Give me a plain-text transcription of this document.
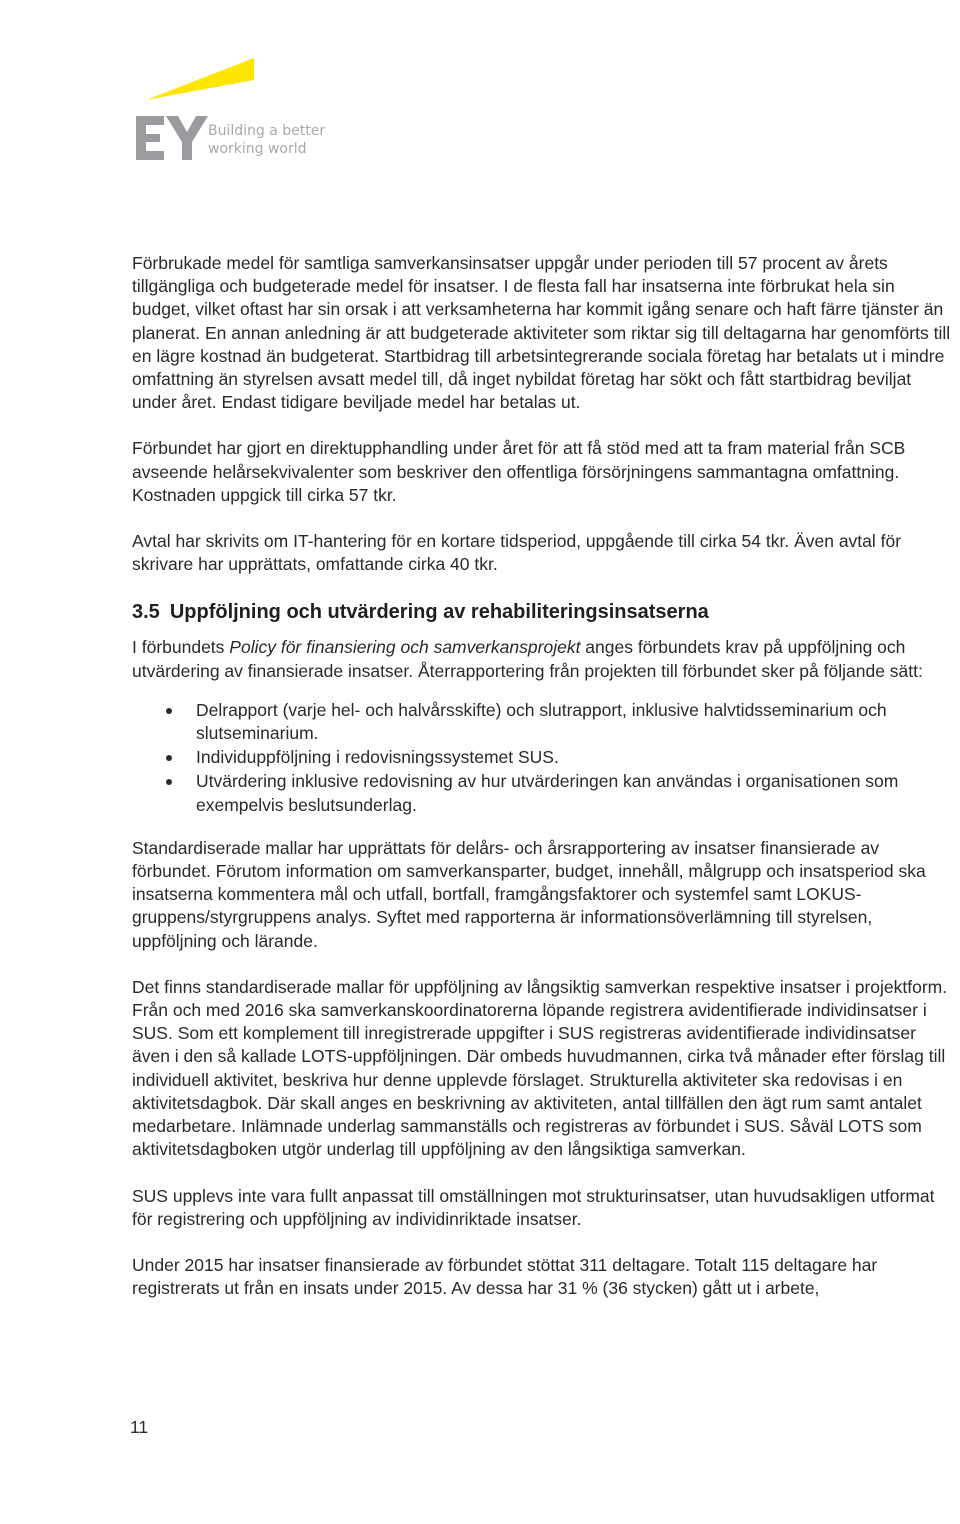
Building a better
working world

Förbrukade medel för samtliga samverkansinsatser uppgår under perioden till 57 procent av årets tillgängliga och budgeterade medel för insatser. I de flesta fall har insatserna inte förbrukat hela sin budget, vilket oftast har sin orsak i att verksamheterna har kommit igång senare och haft färre tjänster än planerat. En annan anledning är att budgeterade aktiviteter som riktar sig till deltagarna har genomförts till en lägre kostnad än budgeterat. Startbidrag till arbetsintegrerande sociala företag har betalats ut i mindre omfattning än styrelsen avsatt medel till, då inget nybildat företag har sökt och fått startbidrag beviljat under året. Endast tidigare beviljade medel har betalas ut.

Förbundet har gjort en direktupphandling under året för att få stöd med att ta fram material från SCB avseende helårsekvivalenter som beskriver den offentliga försörjningens sammantagna omfattning. Kostnaden uppgick till cirka 57 tkr.

Avtal har skrivits om IT-hantering för en kortare tidsperiod, uppgående till cirka 54 tkr. Även avtal för skrivare har upprättats, omfattande cirka 40 tkr.

3.5 Uppföljning och utvärdering av rehabiliteringsinsatserna

I förbundets Policy för finansiering och samverkansprojekt anges förbundets krav på uppföljning och utvärdering av finansierade insatser. Återrapportering från projekten till förbundet sker på följande sätt:

Delrapport (varje hel- och halvårsskifte) och slutrapport, inklusive halvtidsseminarium och slutseminarium.
Individuppföljning i redovisningssystemet SUS.
Utvärdering inklusive redovisning av hur utvärderingen kan användas i organisationen som exempelvis beslutsunderlag.

Standardiserade mallar har upprättats för delårs- och årsrapportering av insatser finansierade av förbundet. Förutom information om samverkansparter, budget, innehåll, målgrupp och insatsperiod ska insatserna kommentera mål och utfall, bortfall, framgångsfaktorer och systemfel samt LOKUS-gruppens/styrgruppens analys. Syftet med rapporterna är informationsöverlämning till styrelsen, uppföljning och lärande.

Det finns standardiserade mallar för uppföljning av långsiktig samverkan respektive insatser i projektform. Från och med 2016 ska samverkanskoordinatorerna löpande registrera avidentifierade individinsatser i SUS. Som ett komplement till inregistrerade uppgifter i SUS registreras avidentifierade individinsatser även i den så kallade LOTS-uppföljningen. Där ombeds huvudmannen, cirka två månader efter förslag till individuell aktivitet, beskriva hur denne upplevde förslaget. Strukturella aktiviteter ska redovisas i en aktivitetsdagbok. Där skall anges en beskrivning av aktiviteten, antal tillfällen den ägt rum samt antalet medarbetare. Inlämnade underlag sammanställs och registreras av förbundet i SUS. Såväl LOTS som aktivitetsdagboken utgör underlag till uppföljning av den långsiktiga samverkan.

SUS upplevs inte vara fullt anpassat till omställningen mot strukturinsatser, utan huvudsakligen utformat för registrering och uppföljning av individinriktade insatser.

Under 2015 har insatser finansierade av förbundet stöttat 311 deltagare. Totalt 115 deltagare har registrerats ut från en insats under 2015. Av dessa har 31 % (36 stycken) gått ut i arbete,

11
